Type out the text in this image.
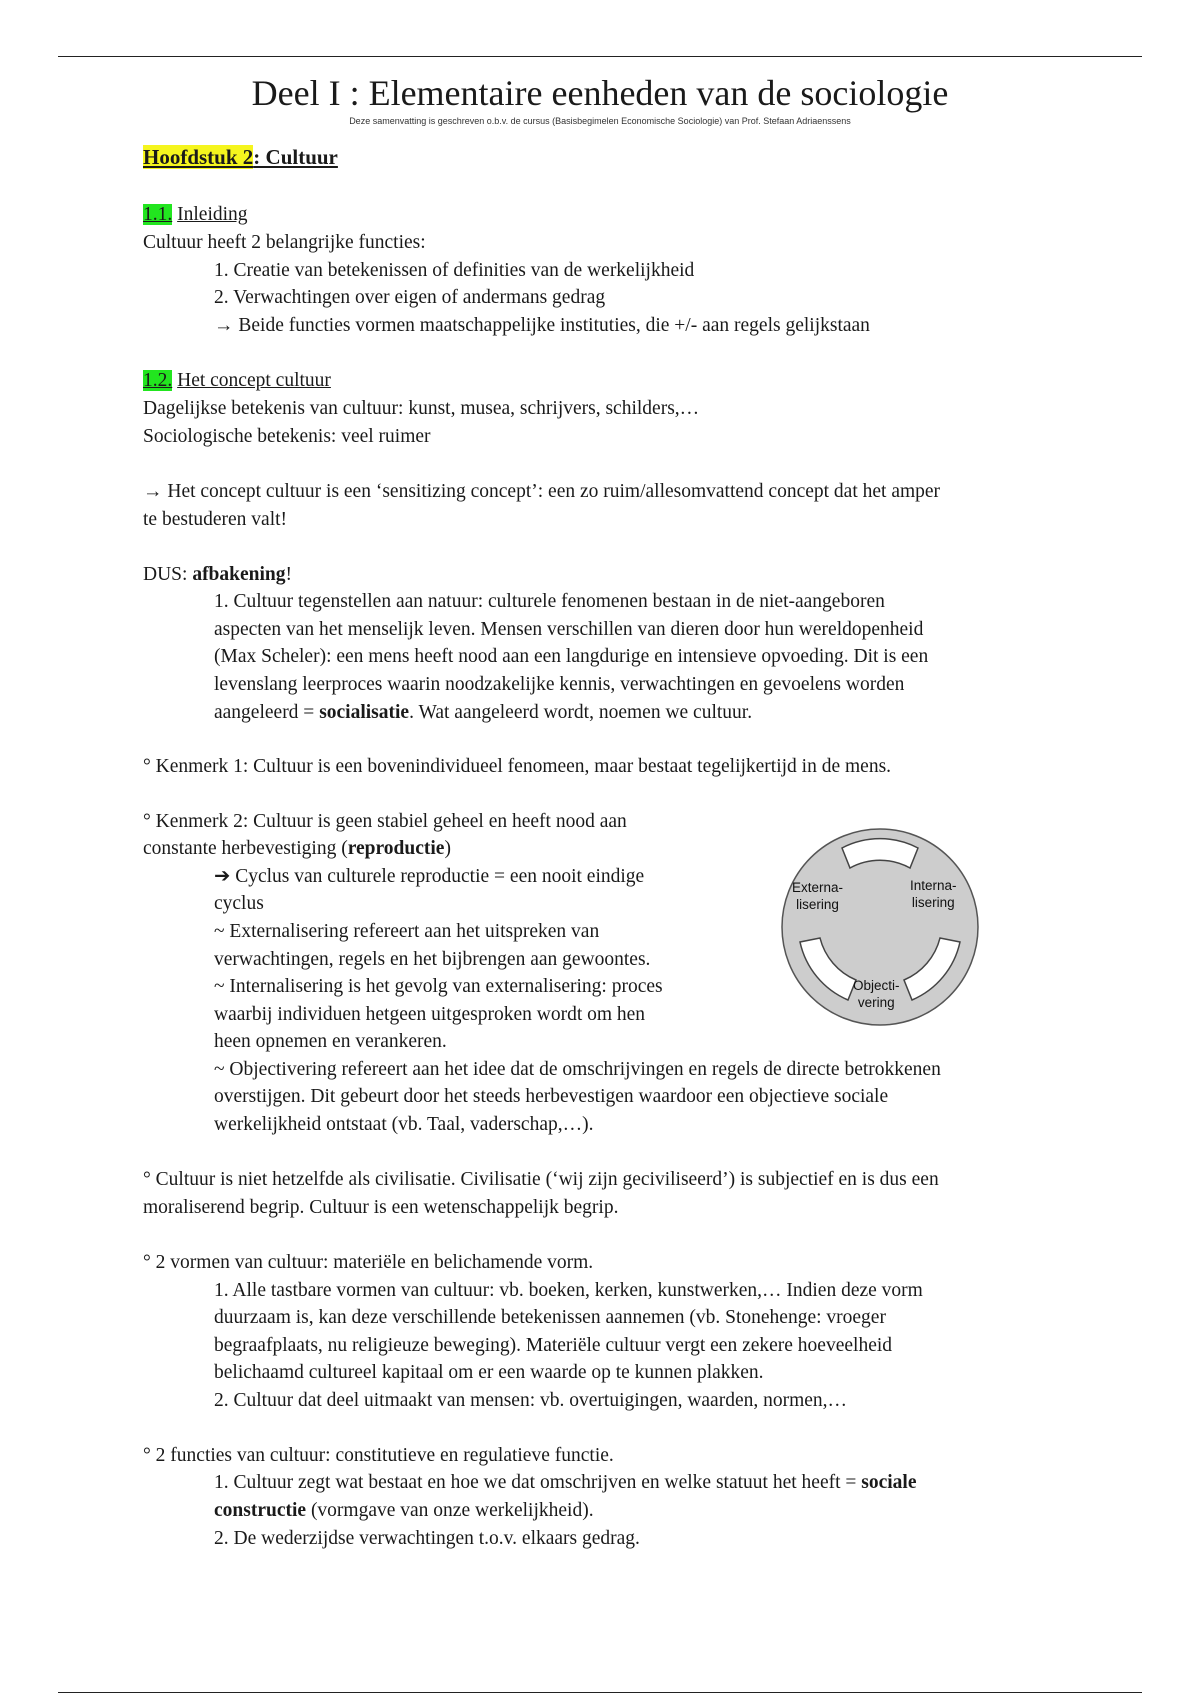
Deel I : Elementaire eenheden van de sociologie
Deze samenvatting is geschreven o.b.v. de cursus (Basisbegimelen Economische Sociologie) van Prof. Stefaan Adriaenssens
Hoofdstuk 2: Cultuur
1.1. Inleiding
Cultuur heeft 2 belangrijke functies:
1. Creatie van betekenissen of definities van de werkelijkheid
2. Verwachtingen over eigen of andermans gedrag
→ Beide functies vormen maatschappelijke instituties, die +/- aan regels gelijkstaan
1.2. Het concept cultuur
Dagelijkse betekenis van cultuur: kunst, musea, schrijvers, schilders,…
Sociologische betekenis: veel ruimer
→ Het concept cultuur is een ‘sensitizing concept’: een zo ruim/allesomvattend concept dat het amper
te bestuderen valt!
DUS: afbakening!
1. Cultuur tegenstellen aan natuur: culturele fenomenen bestaan in de niet-aangeboren
aspecten van het menselijk leven. Mensen verschillen van dieren door hun wereldopenheid
(Max Scheler): een mens heeft nood aan een langdurige en intensieve opvoeding. Dit is een
levenslang leerproces waarin noodzakelijke kennis, verwachtingen en gevoelens worden
aangeleerd = socialisatie. Wat aangeleerd wordt, noemen we cultuur.
° Kenmerk 1: Cultuur is een bovenindividueel fenomeen, maar bestaat tegelijkertijd in de mens.
° Kenmerk 2: Cultuur is geen stabiel geheel en heeft nood aan
constante herbevestiging (reproductie)
➔ Cyclus van culturele reproductie = een nooit eindige
cyclus
~ Externalisering refereert aan het uitspreken van
verwachtingen, regels en het bijbrengen aan gewoontes.
~ Internalisering is het gevolg van externalisering: proces
waarbij individuen hetgeen uitgesproken wordt om hen
heen opnemen en verankeren.
~ Objectivering refereert aan het idee dat de omschrijvingen en regels de directe betrokkenen
overstijgen. Dit gebeurt door het steeds herbevestigen waardoor een objectieve sociale
werkelijkheid ontstaat (vb. Taal, vaderschap,…).
° Cultuur is niet hetzelfde als civilisatie. Civilisatie (‘wij zijn geciviliseerd’) is subjectief en is dus een
moraliserend begrip. Cultuur is een wetenschappelijk begrip.
° 2 vormen van cultuur: materiële en belichamende vorm.
1. Alle tastbare vormen van cultuur: vb. boeken, kerken, kunstwerken,… Indien deze vorm
duurzaam is, kan deze verschillende betekenissen aannemen (vb. Stonehenge: vroeger
begraafplaats, nu religieuze beweging). Materiële cultuur vergt een zekere hoeveelheid
belichaamd cultureel kapitaal om er een waarde op te kunnen plakken.
2. Cultuur dat deel uitmaakt van mensen: vb. overtuigingen, waarden, normen,…
° 2 functies van cultuur: constitutieve en regulatieve functie.
1. Cultuur zegt wat bestaat en hoe we dat omschrijven en welke statuut het heeft = sociale
constructie (vormgave van onze werkelijkheid).
2. De wederzijdse verwachtingen t.o.v. elkaars gedrag.
Externa-
lisering
Interna-
lisering
Objecti-
vering
